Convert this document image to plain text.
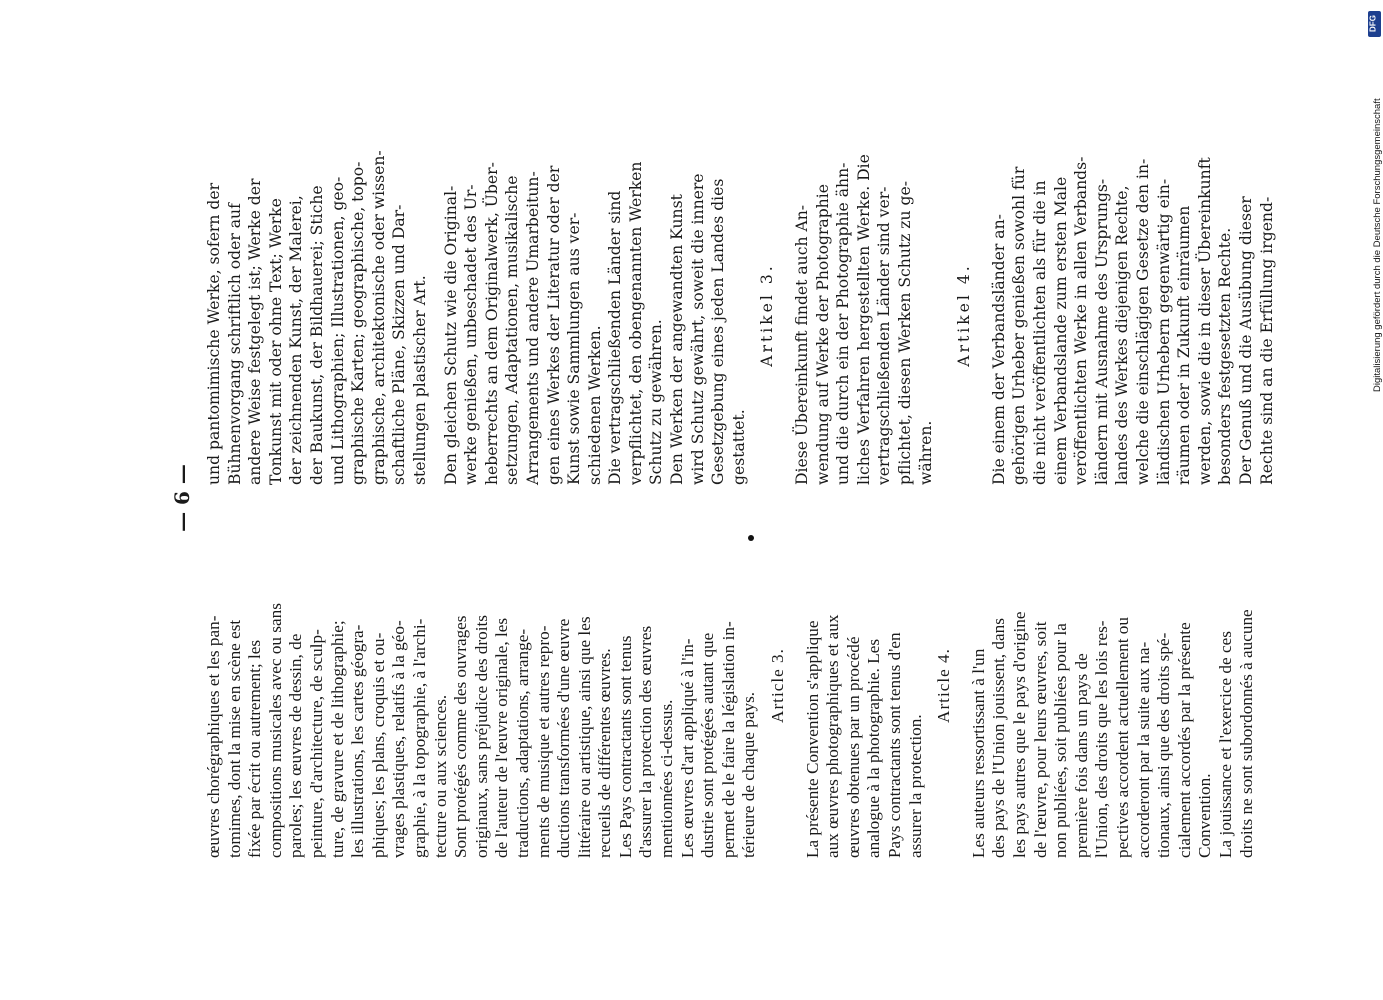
— 6 —
œuvres chorégraphiques et les pan- tomimes, dont la mise en scène est fixée par écrit ou autrement; les compositions musicales avec ou sans paroles; les œuvres de dessin, de peinture, d'architecture, de sculp- ture, de gravure et de lithographie; les illustrations, les cartes géogra- phiques; les plans, croquis et ou- vrages plastiques, relatifs à la géo- graphie, à la topographie, à l'archi- tecture ou aux sciences. Sont protégés comme des ouvrages originaux, sans préjudice des droits de l'auteur de l'œuvre originale, les traductions, adaptations, arrange- ments de musique et autres repro- ductions transformées d'une œuvre littéraire ou artistique, ainsi que les recueils de différentes œuvres. Les Pays contractants sont tenus d'assurer la protection des œuvres mentionnées ci-dessus. Les œuvres d'art appliqué à l'in- dustrie sont protégées autant que permet de le faire la législation in- térieure de chaque pays.
Article 3. La présente Convention s'applique aux œuvres photographiques et aux œuvres obtenues par un procédé analogue à la photographie. Les Pays contractants sont tenus d'en assurer la protection.
Article 4. Les auteurs ressortissant à l'un des pays de l'Union jouissent, dans les pays autres que le pays d'origine de l'œuvre, pour leurs œuvres, soit non publiées, soit publiées pour la première fois dans un pays de l'Union, des droits que les lois res- pectives accordent actuellement ou accorderont par la suite aux na- tionaux, ainsi que des droits spé- cialement accordés par la présente Convention. La jouissance et l'exercice de ces droits ne sont subordonnés à aucune
und pantomimische Werke, sofern der Bühnenvorgang schriftlich oder auf andere Weise festgelegt ist; Werke der Tonkunst mit oder ohne Text; Werke der zeichnenden Kunst, der Malerei, der Baukunst, der Bildhauerei; Stiche und Lithographien; Illustrationen, geo- graphische Karten; geographische, topo- graphische, architektonische oder wissen- schaftliche Pläne, Skizzen und Dar- stellungen plastischer Art. Den gleichen Schutz wie die Original- werke genießen, unbeschadet des Ur- heberrechts an dem Originalwerk, Über- setzungen, Adaptationen, musikalische Arrangements und andere Umarbeitun- gen eines Werkes der Literatur oder der Kunst sowie Sammlungen aus ver- schiedenen Werken. Die vertragschließenden Länder sind verpflichtet, den obengenannten Werken Schutz zu gewähren. Den Werken der angewandten Kunst wird Schutz gewährt, soweit die innere Gesetzgebung eines jeden Landes dies gestattet.
Artikel 3. Diese Übereinkunft findet auch An- wendung auf Werke der Photographie und die durch ein der Photographie ähn- liches Verfahren hergestellten Werke. Die vertragschließenden Länder sind ver- pflichtet, diesen Werken Schutz zu ge- währen.
Artikel 4. Die einem der Verbandsländer an- gehörigen Urheber genießen sowohl für die nicht veröffentlichten als für die in einem Verbandslande zum ersten Male veröffentlichten Werke in allen Verbands- ländern mit Ausnahme des Ursprungs- landes des Werkes diejenigen Rechte, welche die einschlägigen Gesetze den in- ländischen Urhebern gegenwärtig ein- räumen oder in Zukunft einräumen werden, sowie die in dieser Übereinkunft besonders festgesetzten Rechte. Der Genuß und die Ausübung dieser Rechte sind an die Erfüllung irgend-	Digitalisierung gefördert durch die Deutsche Forschungsgemeinschaft
DFG
